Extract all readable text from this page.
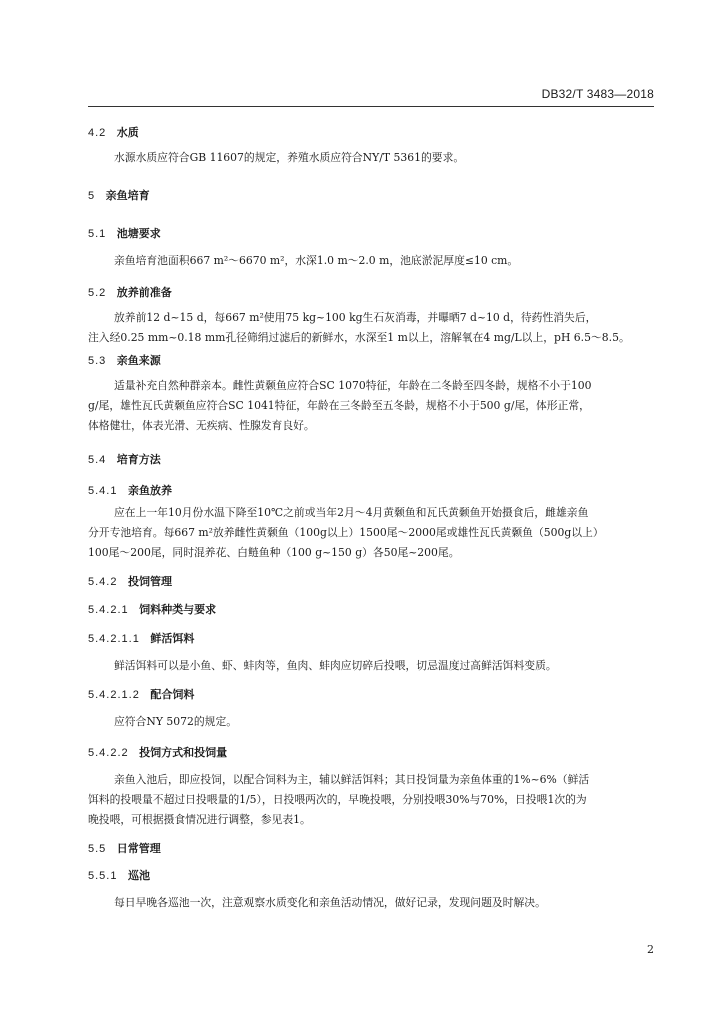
DB32/T 3483—2018
4.2 水质
水源水质应符合GB 11607的规定，养殖水质应符合NY/T 5361的要求。
5 亲鱼培育
5.1 池塘要求
亲鱼培育池面积667 m²～6670 m²，水深1.0 m～2.0 m，池底淤泥厚度≤10 cm。
5.2 放养前准备
放养前12 d~15 d，每667 m²使用75 kg~100 kg生石灰消毒，并曝晒7 d~10 d，待药性消失后，
注入经0.25 mm~0.18 mm孔径筛绢过滤后的新鲜水，水深至1 m以上，溶解氧在4 mg/L以上，pH 6.5～8.5。
5.3 亲鱼来源
适量补充自然种群亲本。雌性黄颡鱼应符合SC 1070特征，年龄在二冬龄至四冬龄，规格不小于100
g/尾，雄性瓦氏黄颡鱼应符合SC 1041特征，年龄在三冬龄至五冬龄，规格不小于500 g/尾，体形正常，
体格健壮，体表光滑、无疾病、性腺发育良好。
5.4 培育方法
5.4.1 亲鱼放养
应在上一年10月份水温下降至10℃之前或当年2月～4月黄颡鱼和瓦氏黄颡鱼开始摄食后，雌雄亲鱼
分开专池培育。每667 m²放养雌性黄颡鱼（100g以上）1500尾～2000尾或雄性瓦氏黄颡鱼（500g以上）
100尾～200尾，同时混养花、白鲢鱼种（100 g~150 g）各50尾~200尾。
5.4.2 投饲管理
5.4.2.1 饲料种类与要求
5.4.2.1.1 鲜活饵料
鲜活饵料可以是小鱼、虾、蚌肉等，鱼肉、蚌肉应切碎后投喂，切忌温度过高鲜活饵料变质。
5.4.2.1.2 配合饲料
应符合NY 5072的规定。
5.4.2.2 投饲方式和投饲量
亲鱼入池后，即应投饲，以配合饲料为主，辅以鲜活饵料；其日投饲量为亲鱼体重的1%~6%（鲜活
饵料的投喂量不超过日投喂量的1/5），日投喂两次的，早晚投喂，分别投喂30%与70%，日投喂1次的为
晚投喂，可根据摄食情况进行调整，参见表1。
5.5 日常管理
5.5.1 巡池
每日早晚各巡池一次，注意观察水质变化和亲鱼活动情况，做好记录，发现问题及时解决。
2
